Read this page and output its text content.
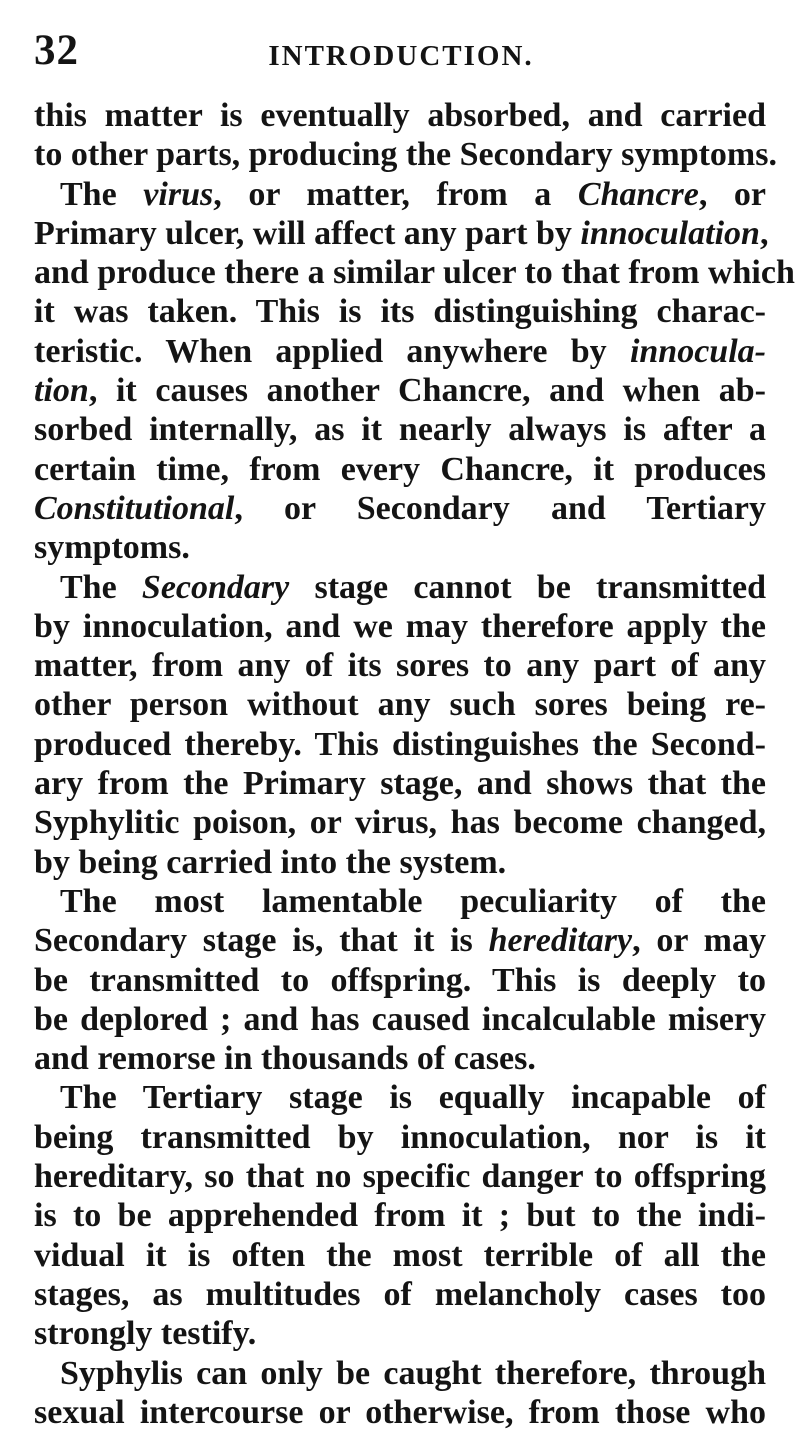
32	INTRODUCTION.
this matter is eventually absorbed, and carried
to other parts, producing the Secondary symptoms.
The virus, or matter, from a Chancre, or
Primary ulcer, will affect any part by innoculation,
and produce there a similar ulcer to that from which
it was taken. This is its distinguishing charac-
teristic. When applied anywhere by innocula-
tion, it causes another Chancre, and when ab-
sorbed internally, as it nearly always is after a
certain time, from every Chancre, it produces
Constitutional, or Secondary and Tertiary
symptoms.
The Secondary stage cannot be transmitted
by innoculation, and we may therefore apply the
matter, from any of its sores to any part of any
other person without any such sores being re-
produced thereby. This distinguishes the Second-
ary from the Primary stage, and shows that the
Syphylitic poison, or virus, has become changed,
by being carried into the system.
The most lamentable peculiarity of the
Secondary stage is, that it is hereditary, or may
be transmitted to offspring. This is deeply to
be deplored ; and has caused incalculable misery
and remorse in thousands of cases.
The Tertiary stage is equally incapable of
being transmitted by innoculation, nor is it
hereditary, so that no specific danger to offspring
is to be apprehended from it ; but to the indi-
vidual it is often the most terrible of all the
stages, as multitudes of melancholy cases too
strongly testify.
Syphylis can only be caught therefore, through
sexual intercourse or otherwise, from those who
